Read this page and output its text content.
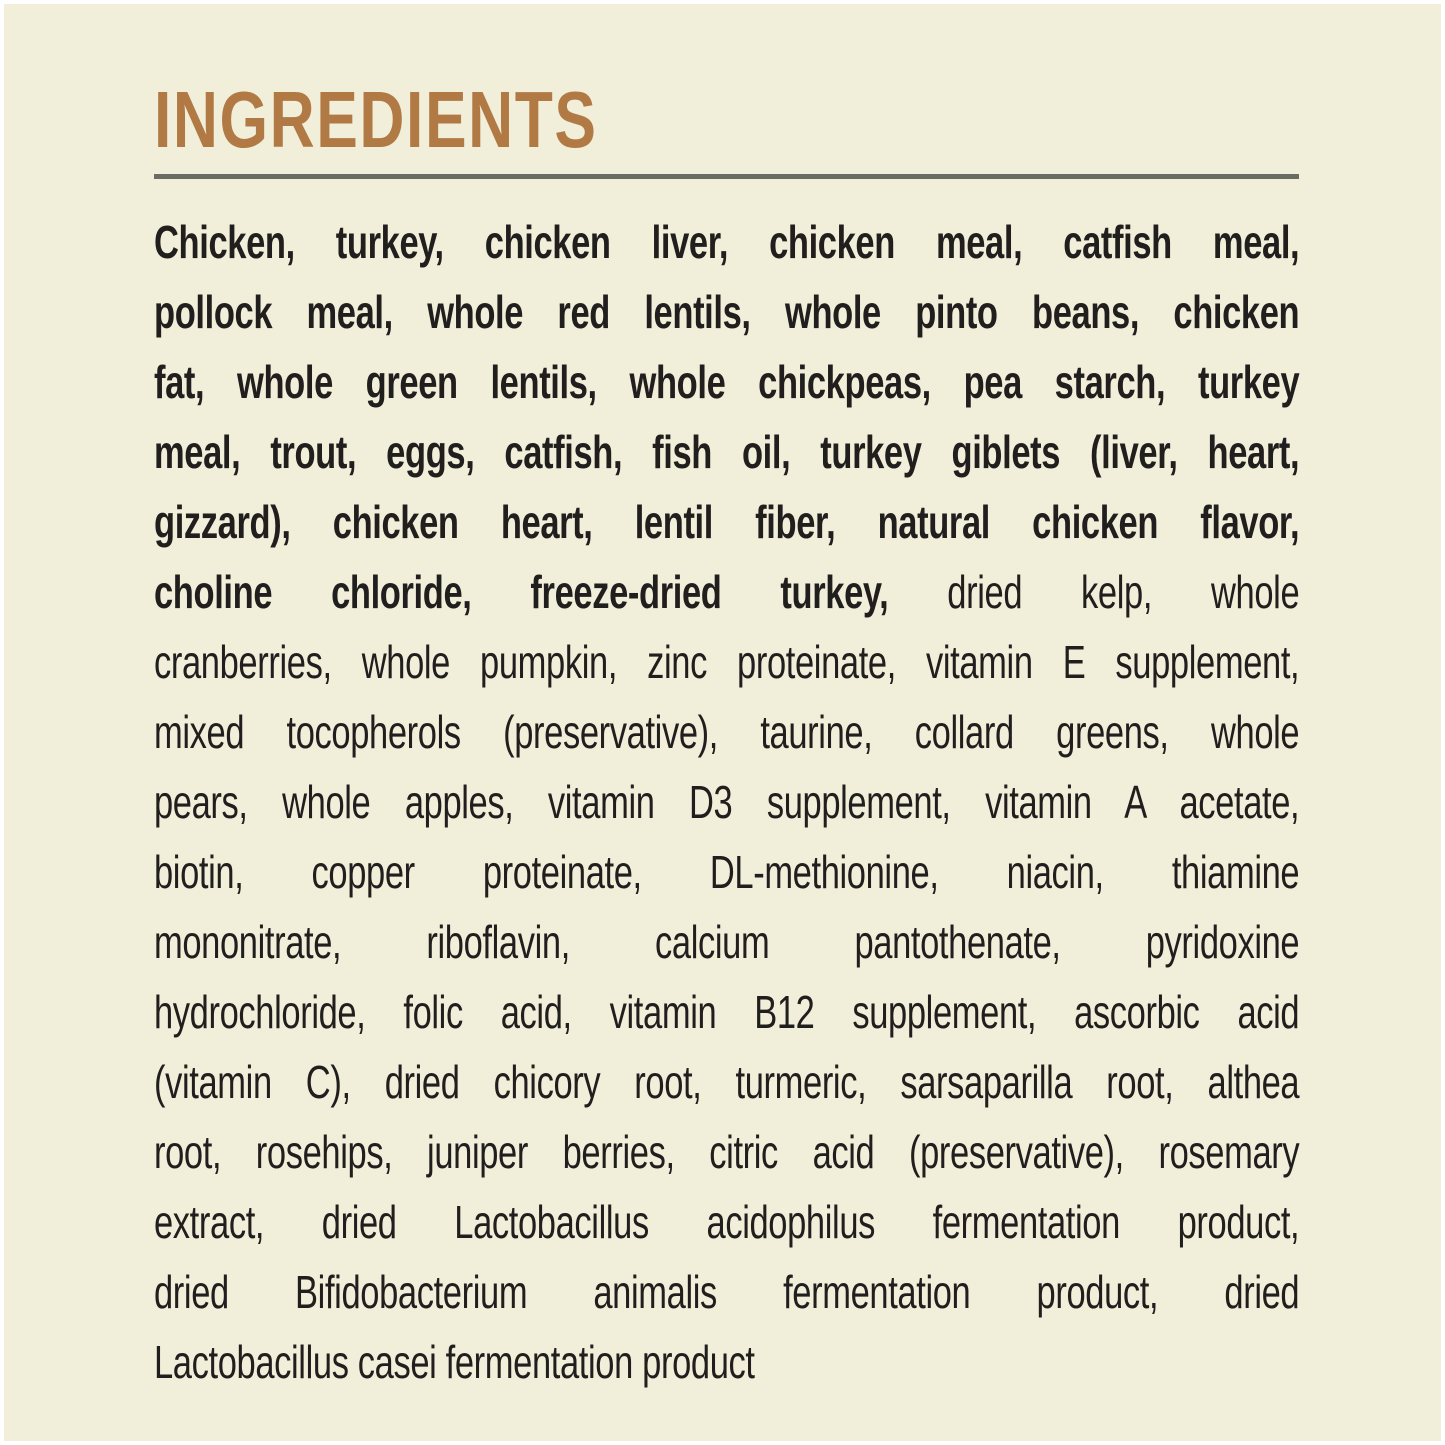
INGREDIENTS
Chicken, turkey, chicken liver, chicken meal, catfish meal,
pollock meal, whole red lentils, whole pinto beans, chicken
fat, whole green lentils, whole chickpeas, pea starch, turkey
meal, trout, eggs, catfish, fish oil, turkey giblets (liver, heart,
gizzard), chicken heart, lentil fiber, natural chicken flavor,
choline chloride, freeze-dried turkey, dried kelp, whole
cranberries, whole pumpkin, zinc proteinate, vitamin E supplement,
mixed tocopherols (preservative), taurine, collard greens, whole
pears, whole apples, vitamin D3 supplement, vitamin A acetate,
biotin, copper proteinate, DL-methionine, niacin, thiamine
mononitrate, riboflavin, calcium pantothenate, pyridoxine
hydrochloride, folic acid, vitamin B12 supplement, ascorbic acid
(vitamin C), dried chicory root, turmeric, sarsaparilla root, althea
root, rosehips, juniper berries, citric acid (preservative), rosemary
extract, dried Lactobacillus acidophilus fermentation product,
dried Bifidobacterium animalis fermentation product, dried
Lactobacillus casei fermentation product
